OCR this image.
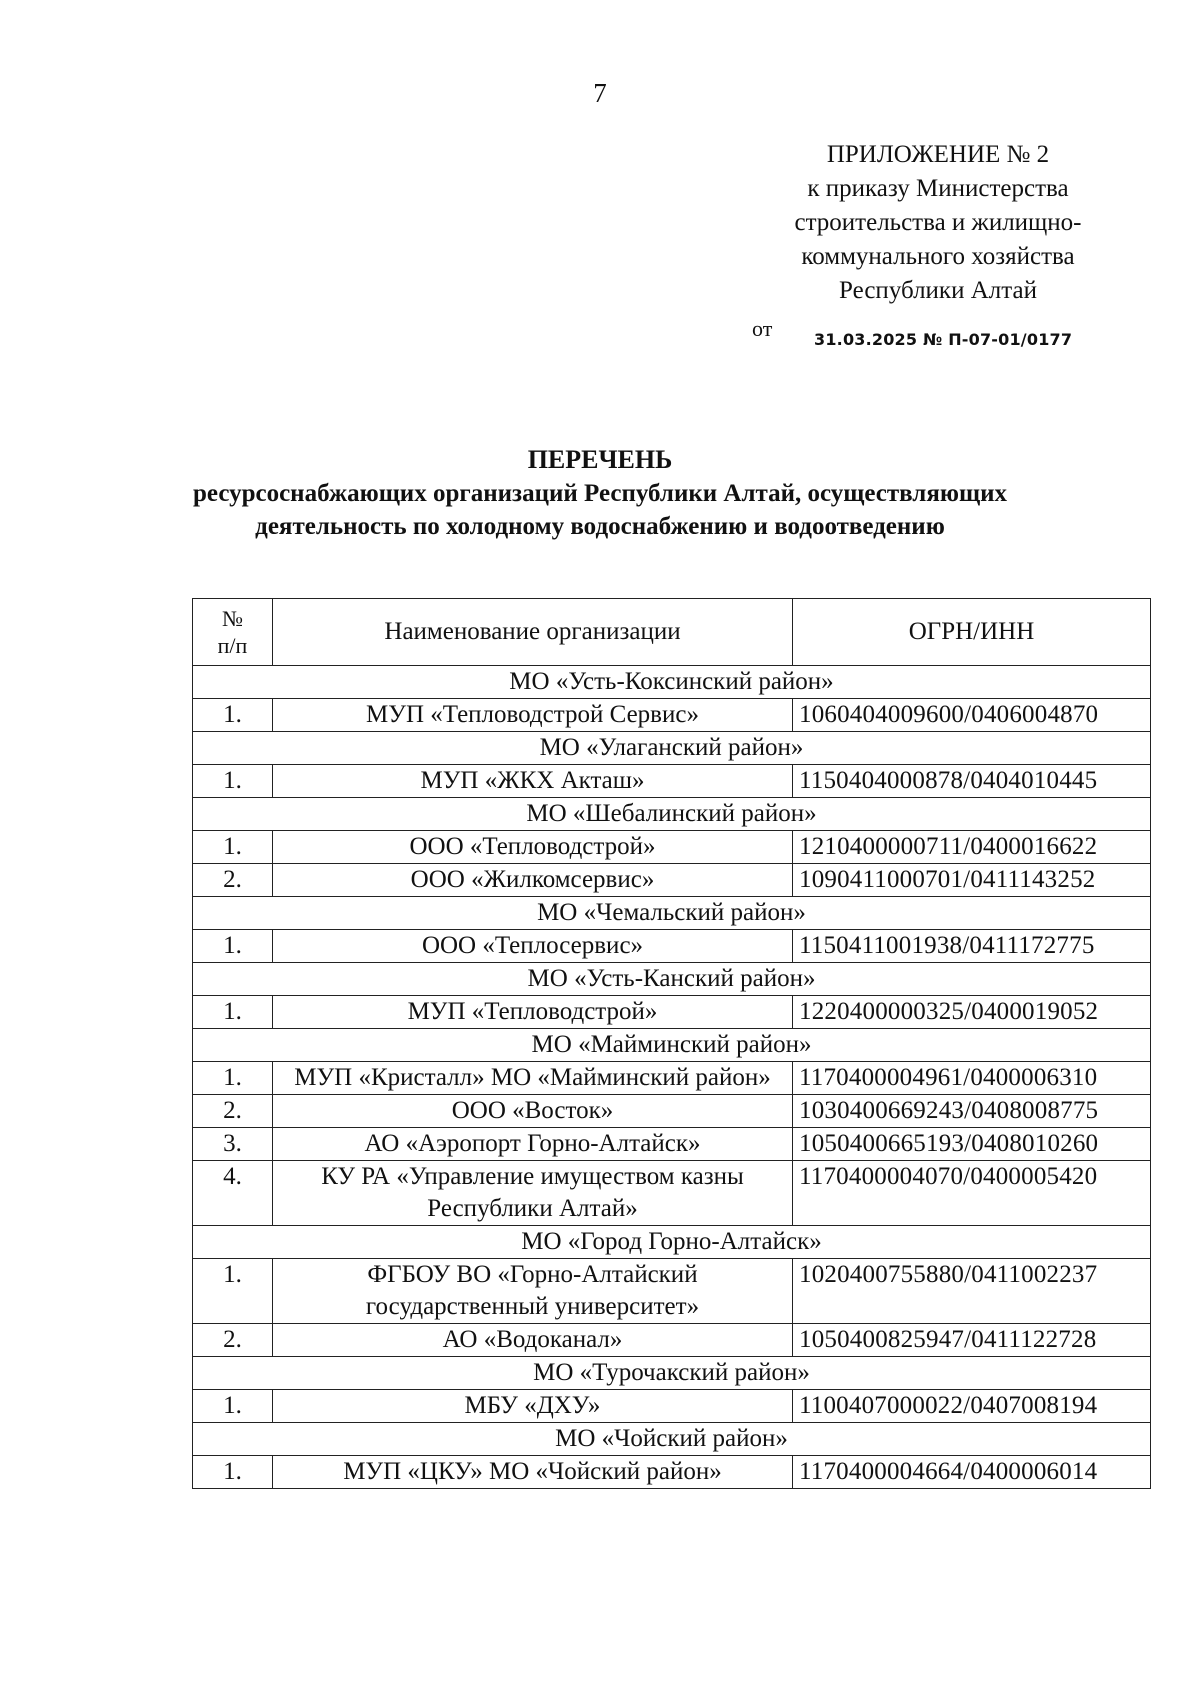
7
ПРИЛОЖЕНИЕ № 2
к приказу Министерства
строительства и жилищно-
коммунального хозяйства
Республики Алтай
от	31.03.2025 № П-07-01/0177
ПЕРЕЧЕНЬ
ресурсоснабжающих организаций Республики Алтай, осуществляющих
деятельность по холодному водоснабжению и водоотведению
№
п/п	Наименование организации	ОГРН/ИНН
МО «Усть-Коксинский район»		
1.	МУП «Тепловодстрой Сервис»	1060404009600/0406004870
МО «Улаганский район»		
1.	МУП «ЖКХ Акташ»	1150404000878/0404010445
МО «Шебалинский район»		
1.	ООО «Тепловодстрой»	1210400000711/0400016622
2.	ООО «Жилкомсервис»	1090411000701/0411143252
МО «Чемальский район»		
1.	ООО «Теплосервис»	1150411001938/0411172775
МО «Усть-Канский район»		
1.	МУП «Тепловодстрой»	1220400000325/0400019052
МО «Майминский район»		
1.	МУП «Кристалл» МО «Майминский район»	1170400004961/0400006310
2.	ООО «Восток»	1030400669243/0408008775
3.	АО «Аэропорт Горно-Алтайск»	1050400665193/0408010260
4.	КУ РА «Управление имуществом казны Республики Алтай»	1170400004070/0400005420
МО «Город Горно-Алтайск»		
1.	ФГБОУ ВО «Горно-Алтайский государственный университет»	1020400755880/0411002237
2.	АО «Водоканал»	1050400825947/0411122728
МО «Турочакский район»		
1.	МБУ «ДХУ»	1100407000022/0407008194
МО «Чойский район»		
1.	МУП «ЦКУ» МО «Чойский район»	1170400004664/0400006014
